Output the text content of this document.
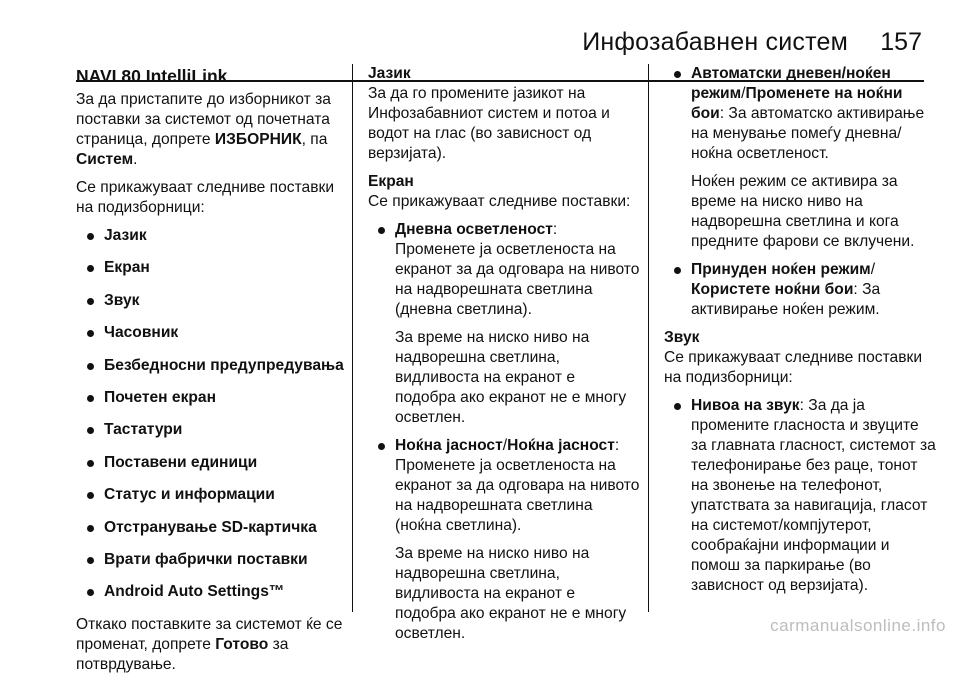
Инфозабавнен систем 157
NAVI 80 IntelliLink

За да пристапите до изборникот за поставки за системот од почетната страница, допрете ИЗБОРНИК, па Систем.

Се прикажуваат следниве поставки на подизборници:

Јазик
Екран
Звук
Часовник
Безбедносни предупредувања
Почетен екран
Тастатури
Поставени единици
Статус и информации
Отстранување SD-картичка
Врати фабрички поставки
Android Auto Settings™

Откако поставките за системот ќе се променат, допрете Готово за потврдување.

Јазик

За да го промените јазикот на Инфозабавниот систем и потоа и водот на глас (во зависност од верзијата).

Екран

Се прикажуваат следниве поставки:

Дневна осветленост: Променете ја осветленоста на екранот за да одговара на нивото на надворешната светлина (дневна светлина).

За време на ниско ниво на надворешна светлина, видливоста на екранот е подобра ако екранот не е многу осветлен.

Ноќна јасност/Ноќна јасност: Променете ја осветленоста на екранот за да одговара на нивото на надворешната светлина (ноќна светлина).

За време на ниско ниво на надворешна светлина, видливоста на екранот е подобра ако екранот не е многу осветлен.

Автоматски дневен/ноќен режим/Променете на ноќни бои: За автоматско активирање на менување помеѓу дневна/ноќна осветленост.

Ноќен режим се активира за време на ниско ниво на надворешна светлина и кога предните фарови се вклучени.

Принуден ноќен режим/Користете ноќни бои: За активирање ноќен режим.

Звук

Се прикажуваат следниве поставки на подизборници:

Нивоа на звук: За да ја промените гласноста и звуците за главната гласност, системот за телефонирање без раце, тонот на звонење на телефонот, упатствата за навигација, гласот на системот/компјутерот, сообраќајни информации и помош за паркирање (во зависност од верзијата).

carmanualsonline.info
